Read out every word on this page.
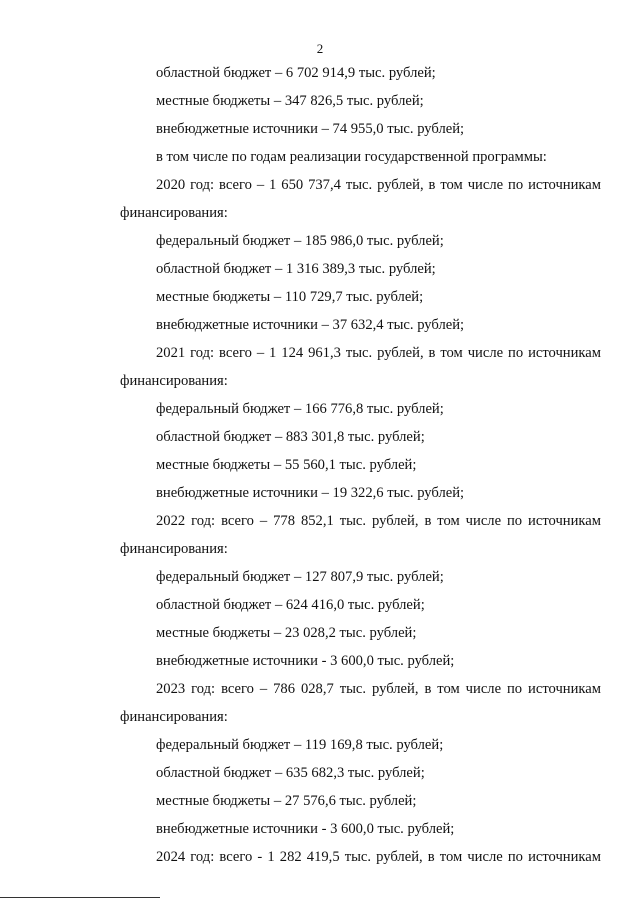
2
областной бюджет – 6 702 914,9 тыс. рублей;
местные бюджеты – 347 826,5 тыс. рублей;
внебюджетные источники – 74 955,0 тыс. рублей;
в том числе по годам реализации государственной программы:
2020 год: всего – 1 650 737,4 тыс. рублей, в том числе по источникам
финансирования:
федеральный бюджет – 185 986,0 тыс. рублей;
областной бюджет – 1 316 389,3 тыс. рублей;
местные бюджеты – 110 729,7 тыс. рублей;
внебюджетные источники – 37 632,4 тыс. рублей;
2021 год: всего – 1 124 961,3 тыс. рублей, в том числе по источникам
финансирования:
федеральный бюджет – 166 776,8 тыс. рублей;
областной бюджет – 883 301,8 тыс. рублей;
местные бюджеты – 55 560,1 тыс. рублей;
внебюджетные источники – 19 322,6 тыс. рублей;
2022 год: всего – 778 852,1 тыс. рублей, в том числе по источникам
финансирования:
федеральный бюджет – 127 807,9 тыс. рублей;
областной бюджет – 624 416,0 тыс. рублей;
местные бюджеты – 23 028,2 тыс. рублей;
внебюджетные источники - 3 600,0 тыс. рублей;
2023 год: всего – 786 028,7 тыс. рублей, в том числе по источникам
финансирования:
федеральный бюджет – 119 169,8 тыс. рублей;
областной бюджет – 635 682,3 тыс. рублей;
местные бюджеты – 27 576,6 тыс. рублей;
внебюджетные источники - 3 600,0 тыс. рублей;
2024 год: всего - 1 282 419,5 тыс. рублей, в том числе по источникам
